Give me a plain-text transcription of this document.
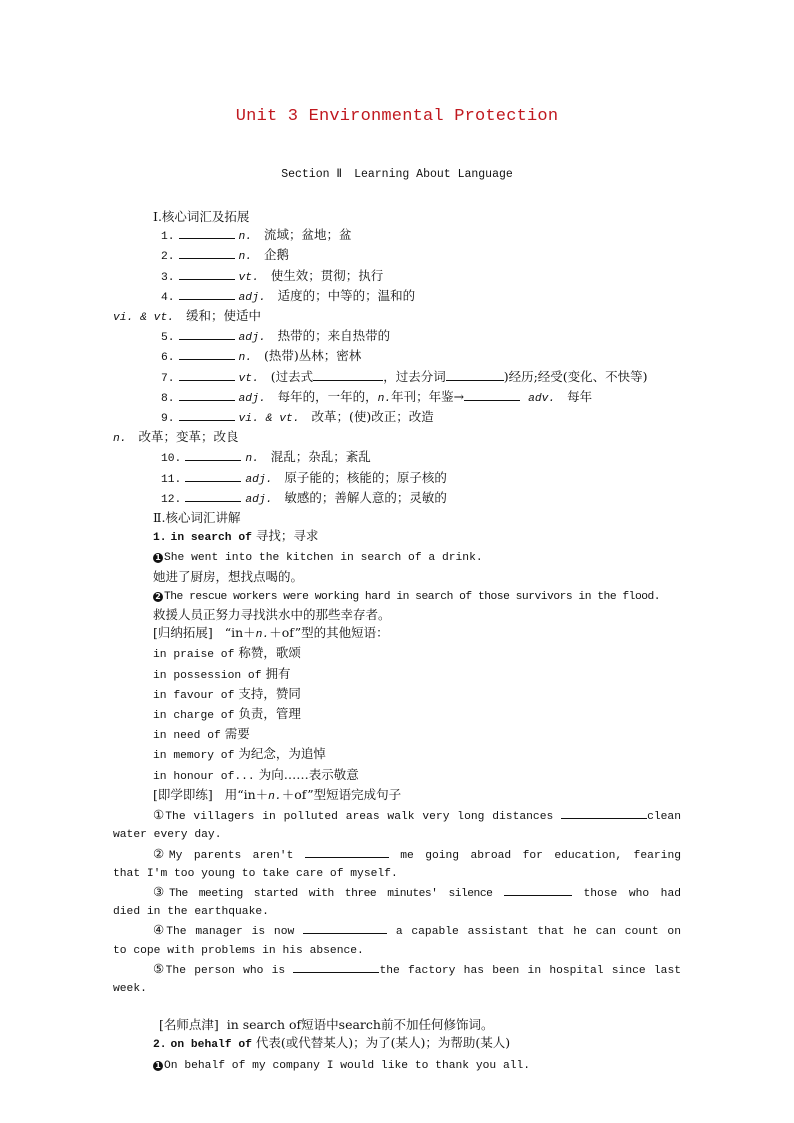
Unit 3 Environmental Protection
Section Ⅱ Learning About Language
Ⅰ.核心词汇及拓展
1.	n. 流域；盆地；盆
2.	n. 企鹅
3.	vt. 使生效；贯彻；执行
4.	adj. 适度的；中等的；温和的
vi. & vt. 缓和；使适中
5.	adj. 热带的；来自热带的
6.	n. (热带)丛林；密林
7.	vt. (过去式	，过去分词	)经历;经受(变化、不快等)
8.	adj. 每年的，一年的，n.年刊；年鉴→	adv. 每年
9.	vi. & vt. 改革；(使)改正；改造
n. 改革；变革；改良
10.	n. 混乱；杂乱；紊乱
11.	adj. 原子能的；核能的；原子核的
12.	adj. 敏感的；善解人意的；灵敏的
Ⅱ.核心词汇讲解
1. in search of 寻找；寻求
1 She went into the kitchen in search of a drink.
她进了厨房，想找点喝的。
2 The rescue workers were working hard in search of those survivors in the flood.
救援人员正努力寻找洪水中的那些幸存者。
[归纳拓展] “in＋n.＋of”型的其他短语：
in praise of 称赞，歌颂
in possession of 拥有
in favour of 支持，赞同
in charge of 负责，管理
in need of 需要
in memory of 为纪念，为追悼
in honour of... 为向……表示敬意
[即学即练] 用“in＋n.＋of”型短语完成句子
①The villagers in polluted areas walk very long distances	clean
water every day.
②My parents aren't	me going abroad for education, fearing
that I'm too young to take care of myself.
③The meeting started with three minutes' silence	those who had
died in the earthquake.
④The manager is now	a capable assistant that he can count on
to cope with problems in his absence.
⑤The person who is	the factory has been in hospital since last
week.
[名师点津] in search of短语中search前不加任何修饰词。
2. on behalf of 代表(或代替某人)；为了(某人)；为帮助(某人)
1 On behalf of my company I would like to thank you all.
